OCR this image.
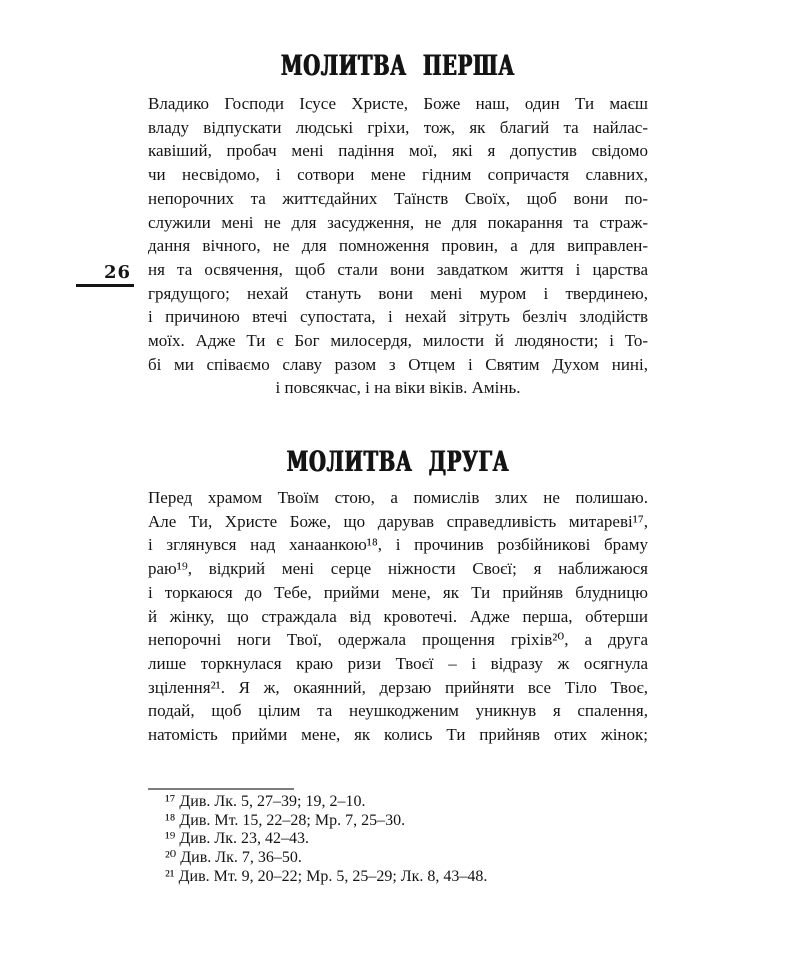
26
МОЛИТВА ПЕРША
Владико Господи Ісусе Христе, Боже наш, один Ти маєш
владу відпускати людські гріхи, тож, як благий та найлас-
кавіший, пробач мені падіння мої, які я допустив свідомо
чи несвідомо, і сотвори мене гідним сопричастя славних,
непорочних та життєдайних Таїнств Своїх, щоб вони по-
служили мені не для засудження, не для покарання та страж-
дання вічного, не для помноження провин, а для виправлен-
ня та освячення, щоб стали вони завдатком життя і царства
грядущого; нехай стануть вони мені муром і твердинею,
і причиною втечі супостата, і нехай зітруть безліч злодійств
моїх. Адже Ти є Бог милосердя, милости й людяности; і То-
бі ми співаємо славу разом з Отцем і Святим Духом нині,
і повсякчас, і на віки віків. Амінь.
МОЛИТВА ДРУГА
Перед храмом Твоїм стою, а помислів злих не полишаю.
Але Ти, Христе Боже, що дарував справедливість митареві¹⁷,
і зглянувся над ханаанкою¹⁸, і прочинив розбійникові браму
раю¹⁹, відкрий мені серце ніжности Своєї; я наближаюся
і торкаюся до Тебе, прийми мене, як Ти прийняв блудницю
й жінку, що страждала від кровотечі. Адже перша, обтерши
непорочні ноги Твої, одержала прощення гріхів²⁰, а друга
лише торкнулася краю ризи Твоєї – і відразу ж осягнула
зцілення²¹. Я ж, окаянний, дерзаю прийняти все Тіло Твоє,
подай, щоб цілим та неушкодженим уникнув я спалення,
натомість прийми мене, як колись Ти прийняв отих жінок;
¹⁷ Див. Лк. 5, 27–39; 19, 2–10.
¹⁸ Див. Мт. 15, 22–28; Мр. 7, 25–30.
¹⁹ Див. Лк. 23, 42–43.
²⁰ Див. Лк. 7, 36–50.
²¹ Див. Мт. 9, 20–22; Мр. 5, 25–29; Лк. 8, 43–48.
